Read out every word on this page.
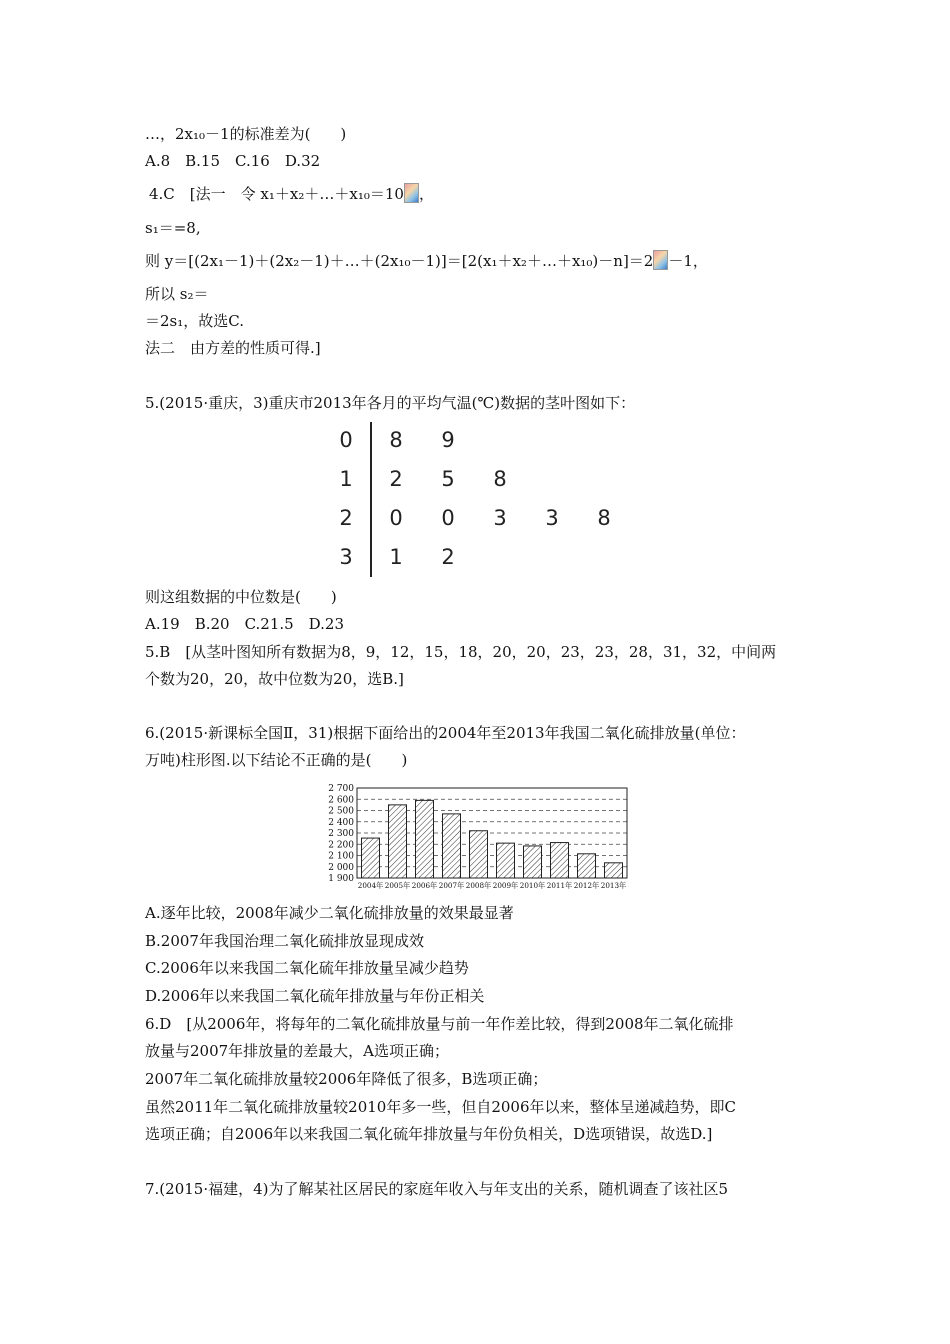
…，2x₁₀－1的标准差为(　　)
A.8　B.15　C.16　D.32
4.C　[法一　令 x₁＋x₂＋…＋x₁₀＝10 ，
s₁＝=8,
则 y＝[(2x₁－1)＋(2x₂－1)＋…＋(2x₁₀－1)]＝[2(x₁＋x₂＋…＋x₁₀)－n]＝2 －1，
所以 s₂＝
＝2s₁，故选C.
法二　由方差的性质可得.]
5.(2015·重庆，3)重庆市2013年各月的平均气温(℃)数据的茎叶图如下：
0 8 9
1 2 5 8
2 0 0 3 3 8
3 1 2
则这组数据的中位数是(　　)
A.19　B.20　C.21.5　D.23
5.B　[从茎叶图知所有数据为8，9，12，15，18，20，20，23，23，28，31，32，中间两
个数为20，20，故中位数为20，选B.]
6.(2015·新课标全国Ⅱ，31)根据下面给出的2004年至2013年我国二氧化硫排放量(单位：
万吨)柱形图.以下结论不正确的是(　　)
1 900
2 000
2 100
2 200
2 300
2 400
2 500
2 600
2 700
2004年 2005年 2006年 2007年 2008年 2009年 2010年 2011年 2012年 2013年
A.逐年比较，2008年减少二氧化硫排放量的效果最显著
B.2007年我国治理二氧化硫排放显现成效
C.2006年以来我国二氧化硫年排放量呈减少趋势
D.2006年以来我国二氧化硫年排放量与年份正相关
6.D　[从2006年，将每年的二氧化硫排放量与前一年作差比较，得到2008年二氧化硫排
放量与2007年排放量的差最大，A选项正确；
2007年二氧化硫排放量较2006年降低了很多，B选项正确；
虽然2011年二氧化硫排放量较2010年多一些，但自2006年以来，整体呈递减趋势，即C
选项正确；自2006年以来我国二氧化硫年排放量与年份负相关，D选项错误，故选D.]
7.(2015·福建，4)为了解某社区居民的家庭年收入与年支出的关系，随机调查了该社区5
